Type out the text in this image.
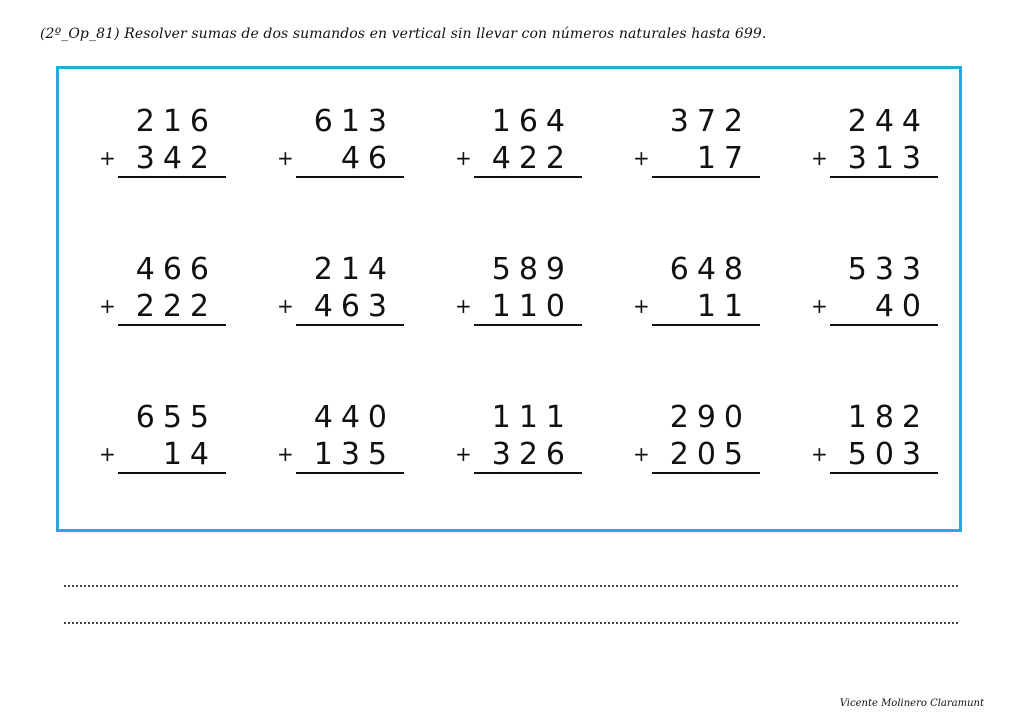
(2º_Op_81) Resolver sumas de dos sumandos en vertical sin llevar con números naturales hasta 699.
216
+ 342
613
+	46
164
+ 422
372
+	17
244
+ 313
466
+ 222
214
+ 463
589
+ 110
648
+	11
533
+	40
655
+	14
440
+ 135
111
+ 326
290
+ 205
182
+ 503
Vicente Molinero Claramunt
